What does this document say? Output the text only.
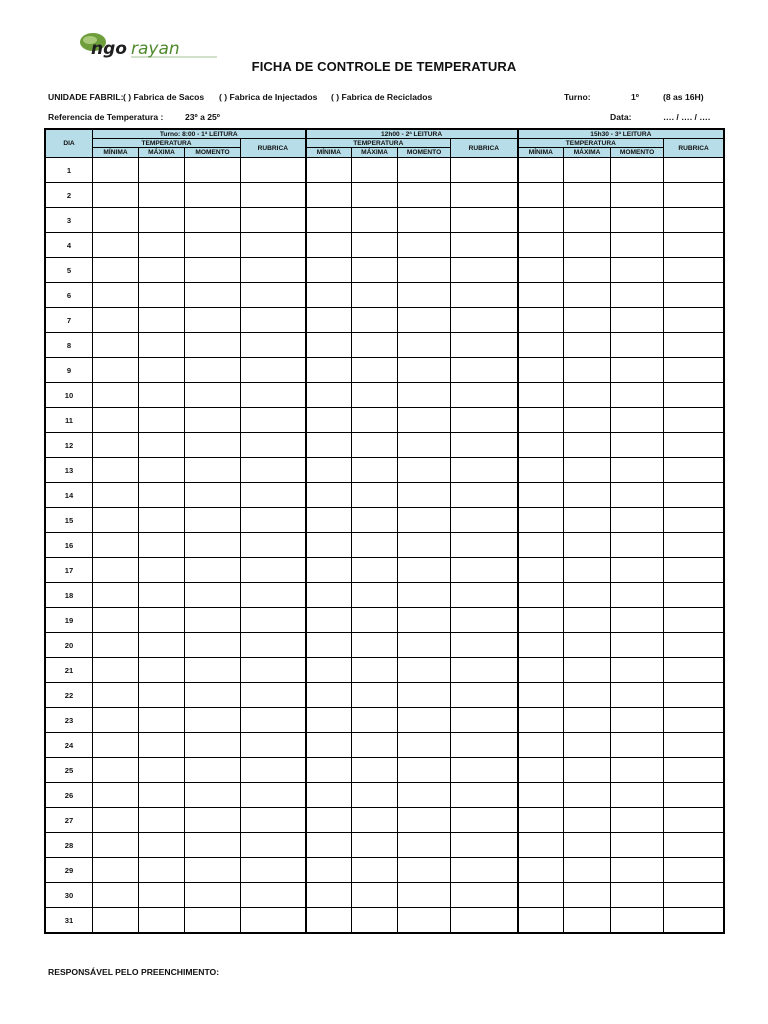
ngo rayan
FICHA DE CONTROLE DE TEMPERATURA
UNIDADE FABRIL: ( ) Fabrica de Sacos ( ) Fabrica de Injectados ( ) Fabrica de Reciclados	Turno:	1º	(8 as 16H)
Referencia de Temperatura :	23º a 25º	Data:	…. / …. / ….
DIA	Turno: 8:00 - 1ª LEITURA				12h00 - 2ª LEITURA				15h30 - 3ª LEITURA			
	TEMPERATURA			RUBRICA	TEMPERATURA			RUBRICA	TEMPERATURA			RUBRICA
	MÍNIMA	MÁXIMA	MOMENTO		MÍNIMA	MÁXIMA	MOMENTO		MÍNIMA	MÁXIMA	MOMENTO	
1												
2												
3												
4												
5												
6												
7												
8												
9												
10												
11												
12												
13												
14												
15												
16												
17												
18												
19												
20												
21												
22												
23												
24												
25												
26												
27												
28												
29												
30												
31												
RESPONSÁVEL PELO PREENCHIMENTO:
